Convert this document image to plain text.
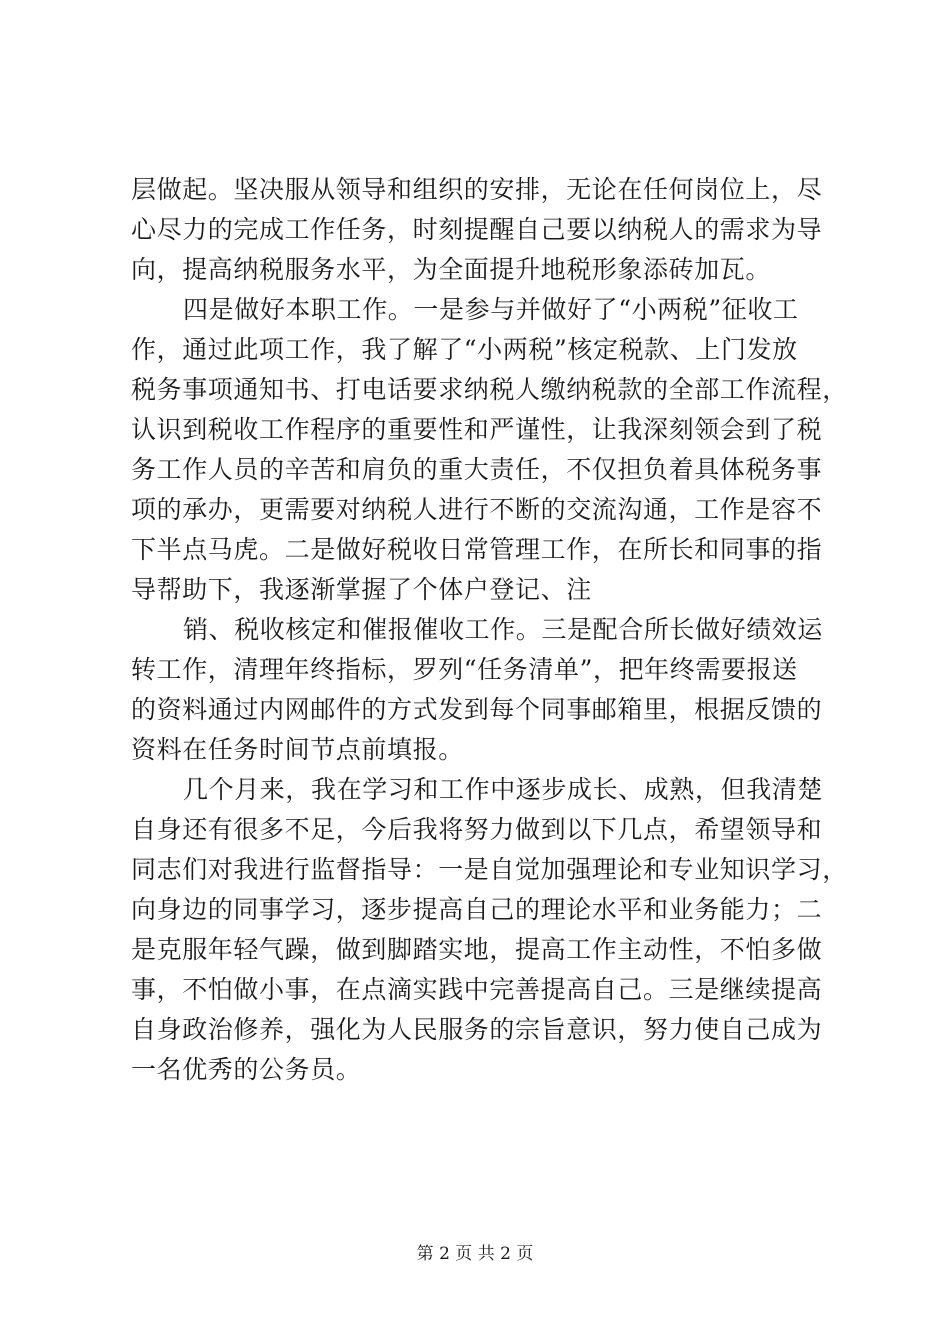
层做起。坚决服从领导和组织的安排，无论在任何岗位上，尽
心尽力的完成工作任务，时刻提醒自己要以纳税人的需求为导
向，提高纳税服务水平，为全面提升地税形象添砖加瓦。
四是做好本职工作。一是参与并做好了“小两税”征收工
作，通过此项工作，我了解了“小两税”核定税款、上门发放
税务事项通知书、打电话要求纳税人缴纳税款的全部工作流程，
认识到税收工作程序的重要性和严谨性，让我深刻领会到了税
务工作人员的辛苦和肩负的重大责任，不仅担负着具体税务事
项的承办，更需要对纳税人进行不断的交流沟通，工作是容不
下半点马虎。二是做好税收日常管理工作，在所长和同事的指
导帮助下，我逐渐掌握了个体户登记、注
销、税收核定和催报催收工作。三是配合所长做好绩效运
转工作，清理年终指标，罗列“任务清单”，把年终需要报送
的资料通过内网邮件的方式发到每个同事邮箱里，根据反馈的
资料在任务时间节点前填报。
几个月来，我在学习和工作中逐步成长、成熟，但我清楚
自身还有很多不足，今后我将努力做到以下几点，希望领导和
同志们对我进行监督指导：一是自觉加强理论和专业知识学习，
向身边的同事学习，逐步提高自己的理论水平和业务能力；二
是克服年轻气躁，做到脚踏实地，提高工作主动性，不怕多做
事，不怕做小事，在点滴实践中完善提高自己。三是继续提高
自身政治修养，强化为人民服务的宗旨意识，努力使自己成为
一名优秀的公务员。
第 2 页 共 2 页
